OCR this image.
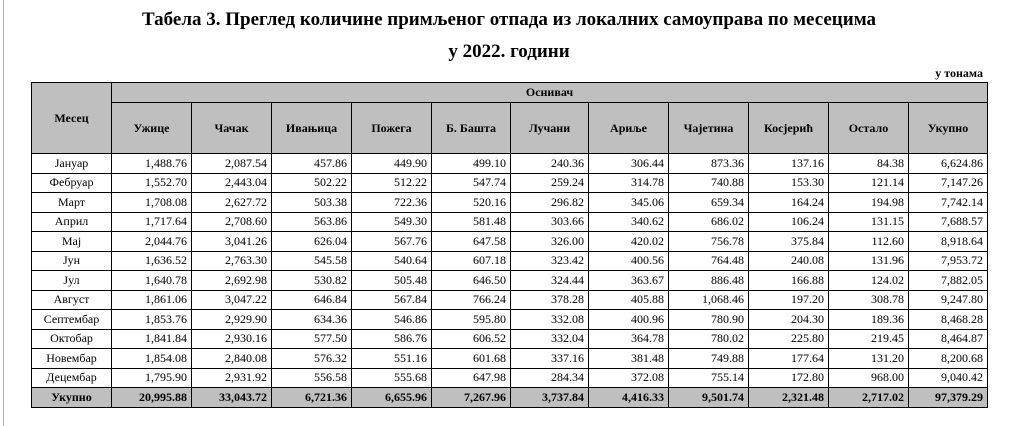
Табела 3. Преглед количине примљеног отпада из локалних самоуправа по месецима
у 2022. години
у тонама
Месец	Оснивач										
	Ужице	Чачак	Ивањица	Пожега	Б. Башта	Лучани	Ариље	Чајетина	Косјерић	Остало	Укупно
Јануар	1,488.76	2,087.54	457.86	449.90	499.10	240.36	306.44	873.36	137.16	84.38	6,624.86
Фебруар	1,552.70	2,443.04	502.22	512.22	547.74	259.24	314.78	740.88	153.30	121.14	7,147.26
Март	1,708.08	2,627.72	503.38	722.36	520.16	296.82	345.06	659.34	164.24	194.98	7,742.14
Април	1,717.64	2,708.60	563.86	549.30	581.48	303.66	340.62	686.02	106.24	131.15	7,688.57
Мај	2,044.76	3,041.26	626.04	567.76	647.58	326.00	420.02	756.78	375.84	112.60	8,918.64
Јун	1,636.52	2,763.30	545.58	540.64	607.18	323.42	400.56	764.48	240.08	131.96	7,953.72
Јул	1,640.78	2,692.98	530.82	505.48	646.50	324.44	363.67	886.48	166.88	124.02	7,882.05
Август	1,861.06	3,047.22	646.84	567.84	766.24	378.28	405.88	1,068.46	197.20	308.78	9,247.80
Септембар	1,853.76	2,929.90	634.36	546.86	595.80	332.08	400.96	780.90	204.30	189.36	8,468.28
Октобар	1,841.84	2,930.16	577.50	586.76	606.52	332.04	364.78	780.02	225.80	219.45	8,464.87
Новембар	1,854.08	2,840.08	576.32	551.16	601.68	337.16	381.48	749.88	177.64	131.20	8,200.68
Децембар	1,795.90	2,931.92	556.58	555.68	647.98	284.34	372.08	755.14	172.80	968.00	9,040.42
Укупно	20,995.88	33,043.72	6,721.36	6,655.96	7,267.96	3,737.84	4,416.33	9,501.74	2,321.48	2,717.02	97,379.29
